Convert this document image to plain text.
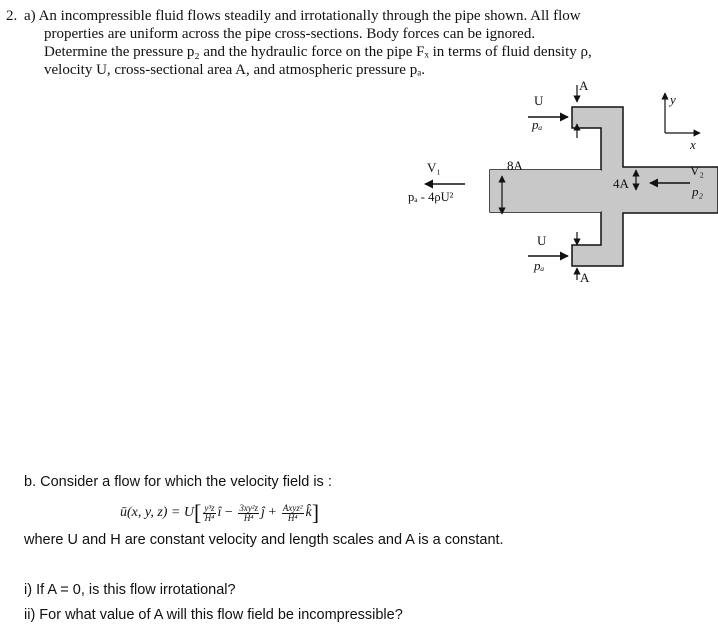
2. a) An incompressible fluid flows steadily and irrotationally through the pipe shown. All flow
properties are uniform across the pipe cross-sections. Body forces can be ignored.
Determine the pressure p₂ and the hydraulic force on the pipe Fₓ in terms of fluid density ρ,
velocity U, cross-sectional area A, and atmospheric pressure pₐ.
U
pₐ
A
U
pₐ
A
V₁
pₐ - 4ρU²
8A
4A
V₂
p₂
y
x
b. Consider a flow for which the velocity field is :
ū(x, y, $z) = U[ \frac{\text{y³z}}{\text{H⁴}}$ î − $\frac{\text{3xy²z}}{\text{H⁴}}$ ĵ + $\frac{\text{Axyz²}}{\text{H⁴}}$ k̂]
where U and H are constant velocity and length scales and A is a constant.
i) If A = 0, is this flow irrotational?
ii) For what value of A will this flow field be incompressible?
